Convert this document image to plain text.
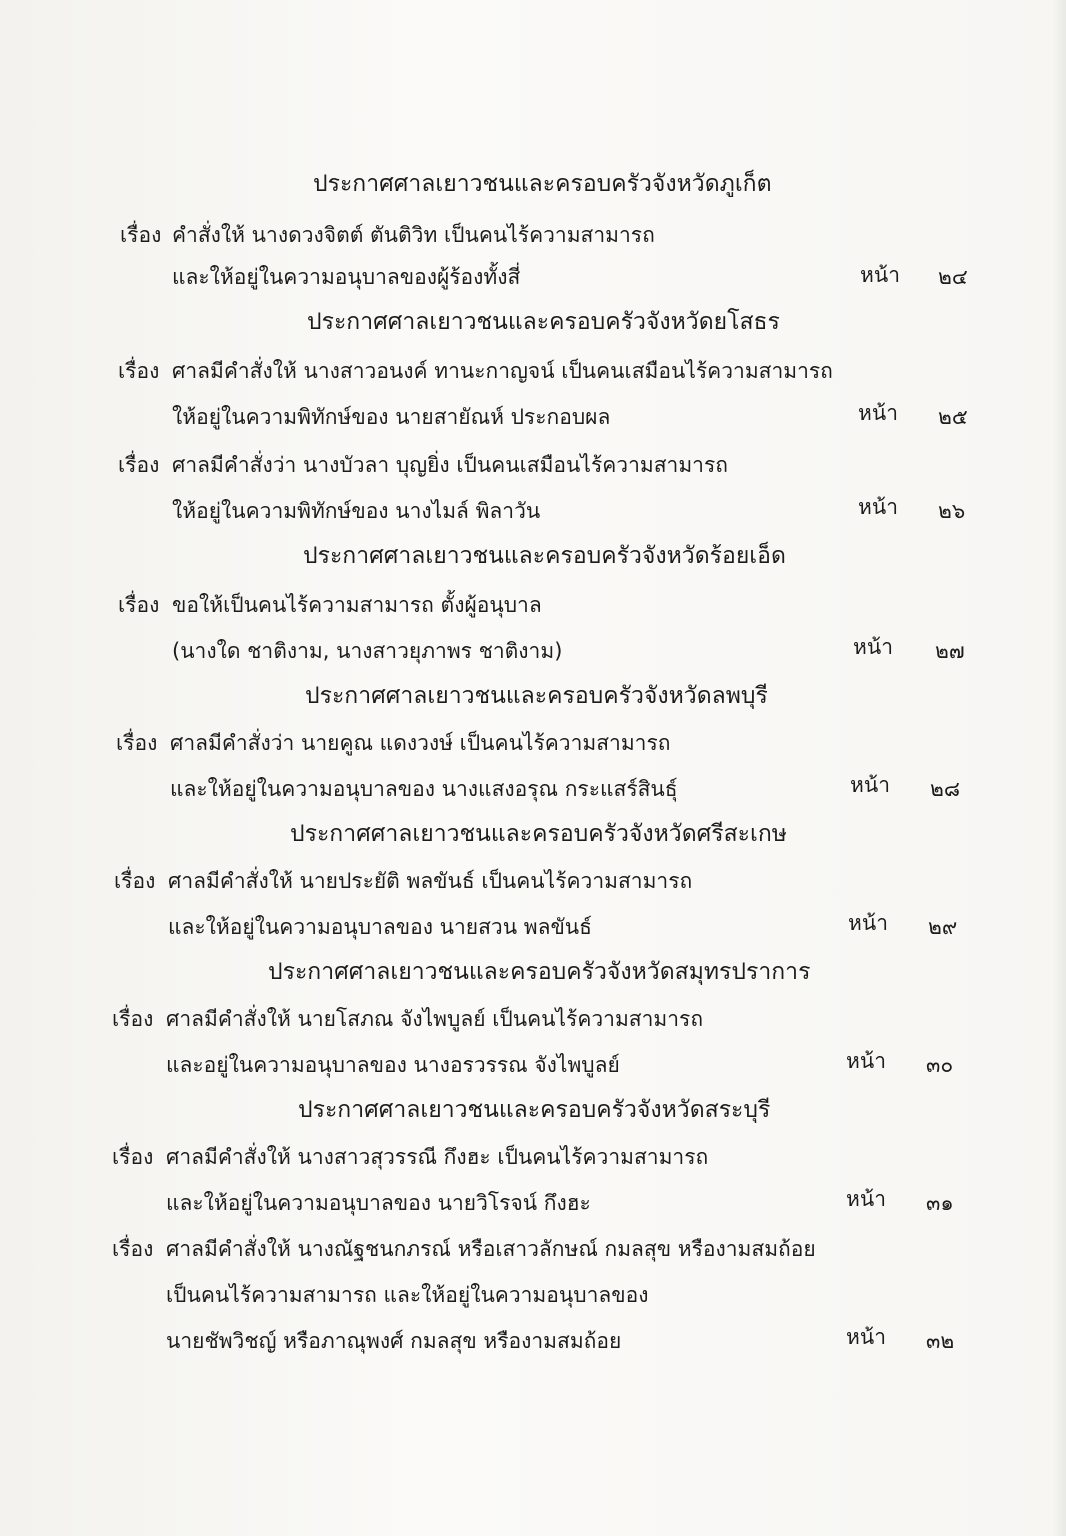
ประกาศศาลเยาวชนและครอบครัวจังหวัดภูเก็ต
เรื่อง คำสั่งให้ นางดวงจิตต์ ตันติวิท เป็นคนไร้ความสามารถ
และให้อยู่ในความอนุบาลของผู้ร้องทั้งสี่	หน้า ๒๔
ประกาศศาลเยาวชนและครอบครัวจังหวัดยโสธร
เรื่อง ศาลมีคำสั่งให้ นางสาวอนงค์ ทานะกาญจน์ เป็นคนเสมือนไร้ความสามารถ
ให้อยู่ในความพิทักษ์ของ นายสายัณห์ ประกอบผล	หน้า ๒๕
เรื่อง ศาลมีคำสั่งว่า นางบัวลา บุญยิ่ง เป็นคนเสมือนไร้ความสามารถ
ให้อยู่ในความพิทักษ์ของ นางไมล์ พิลาวัน	หน้า ๒๖
ประกาศศาลเยาวชนและครอบครัวจังหวัดร้อยเอ็ด
เรื่อง ขอให้เป็นคนไร้ความสามารถ ตั้งผู้อนุบาล
(นางใด ชาติงาม, นางสาวยุภาพร ชาติงาม)	หน้า ๒๗
ประกาศศาลเยาวชนและครอบครัวจังหวัดลพบุรี
เรื่อง ศาลมีคำสั่งว่า นายคูณ แดงวงษ์ เป็นคนไร้ความสามารถ
และให้อยู่ในความอนุบาลของ นางแสงอรุณ กระแสร์สินธุ์	หน้า ๒๘
ประกาศศาลเยาวชนและครอบครัวจังหวัดศรีสะเกษ
เรื่อง ศาลมีคำสั่งให้ นายประยัติ พลขันธ์ เป็นคนไร้ความสามารถ
และให้อยู่ในความอนุบาลของ นายสวน พลขันธ์	หน้า ๒๙
ประกาศศาลเยาวชนและครอบครัวจังหวัดสมุทรปราการ
เรื่อง ศาลมีคำสั่งให้ นายโสภณ จังไพบูลย์ เป็นคนไร้ความสามารถ
และอยู่ในความอนุบาลของ นางอรวรรณ จังไพบูลย์	หน้า ๓๐
ประกาศศาลเยาวชนและครอบครัวจังหวัดสระบุรี
เรื่อง ศาลมีคำสั่งให้ นางสาวสุวรรณี กึงฮะ เป็นคนไร้ความสามารถ
และให้อยู่ในความอนุบาลของ นายวิโรจน์ กึงฮะ	หน้า ๓๑
เรื่อง ศาลมีคำสั่งให้ นางณัฐชนกภรณ์ หรือเสาวลักษณ์ กมลสุข หรืองามสมถ้อย
เป็นคนไร้ความสามารถ และให้อยู่ในความอนุบาลของ
นายชัพวิชญ์ หรือภาณุพงศ์ กมลสุข หรืองามสมถ้อย	หน้า ๓๒
